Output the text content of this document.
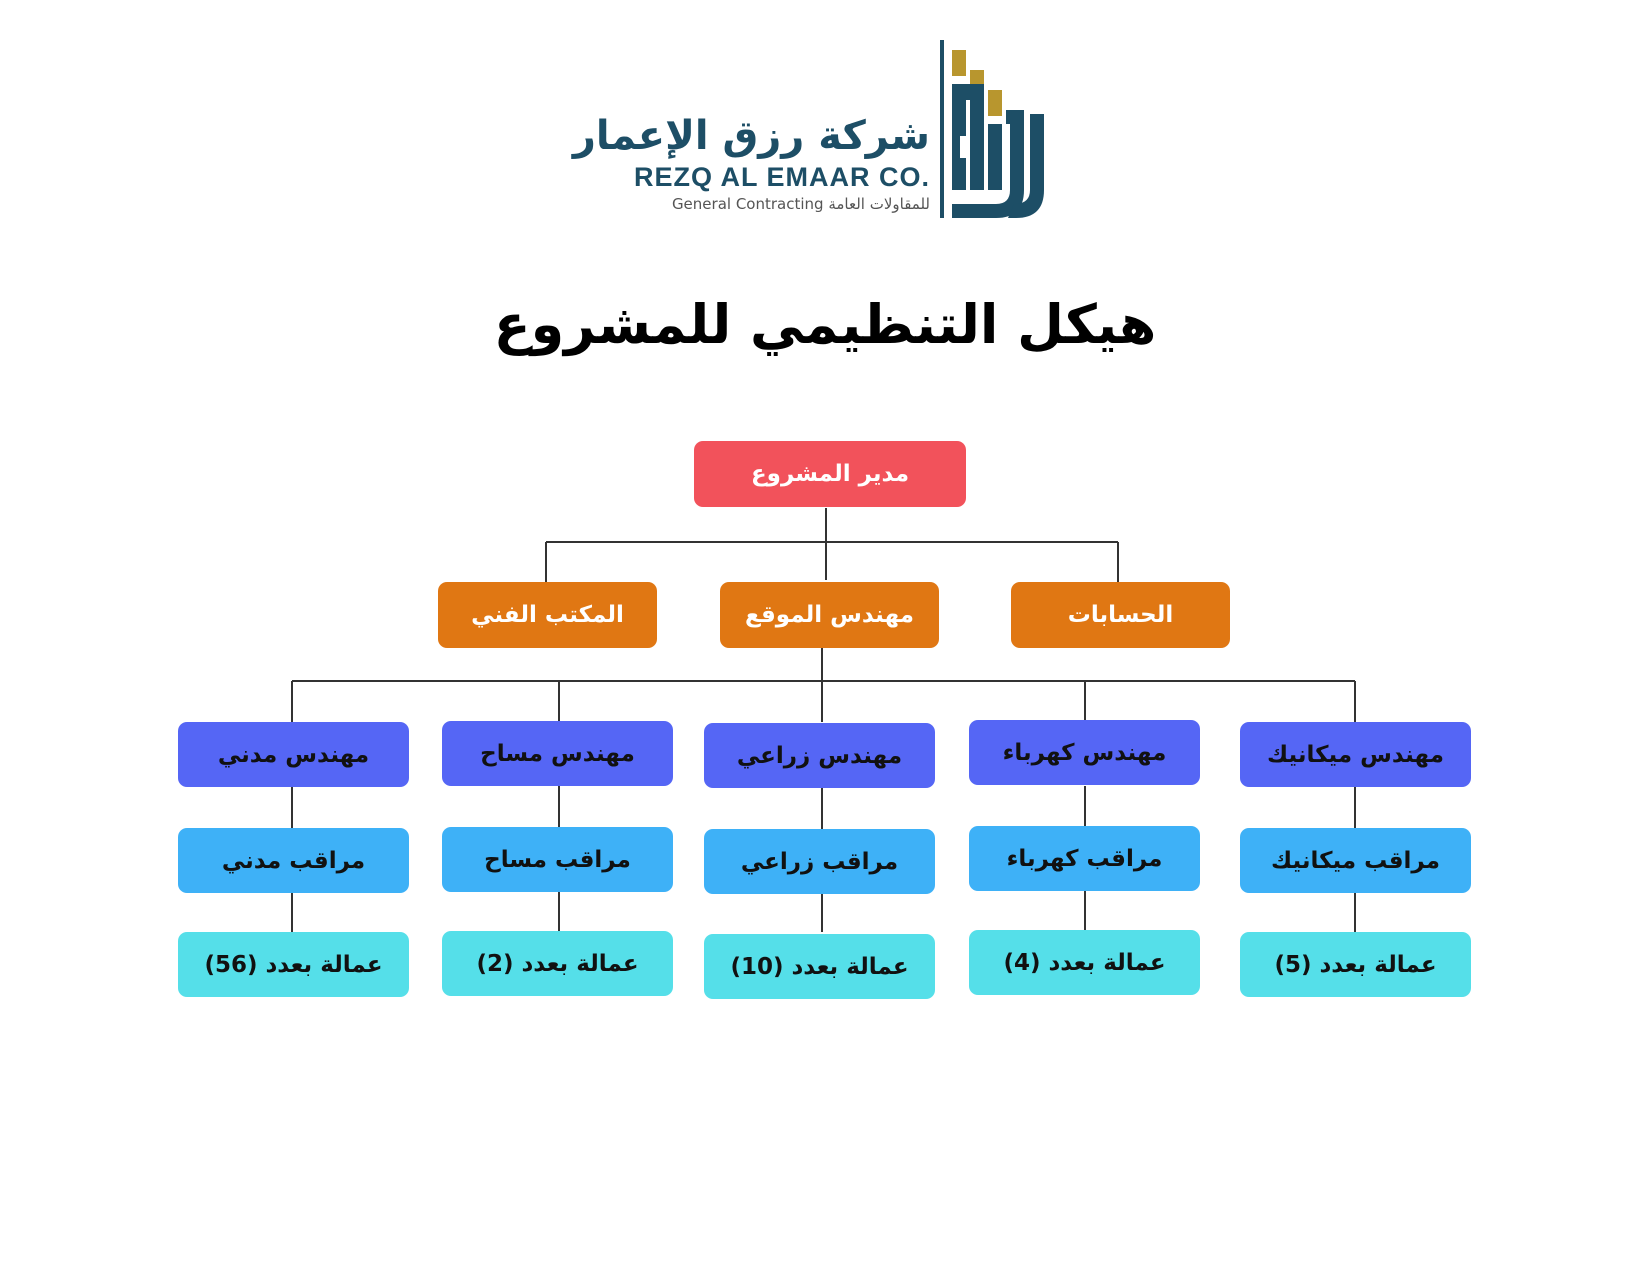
شركة رزق الإعمار
REZQ AL EMAAR CO.
General Contracting للمقاولات العامة
هيكل التنظيمي للمشروع
مدير المشروع
المكتب الفني	مهندس الموقع	الحسابات
مهندس مدني
مراقب مدني
عمالة بعدد (56)
مهندس مساح
مراقب مساح
عمالة بعدد (2)
مهندس زراعي
مراقب زراعي
عمالة بعدد (10)
مهندس كهرباء
مراقب كهرباء
عمالة بعدد (4)
مهندس ميكانيك
مراقب ميكانيك
عمالة بعدد (5)
